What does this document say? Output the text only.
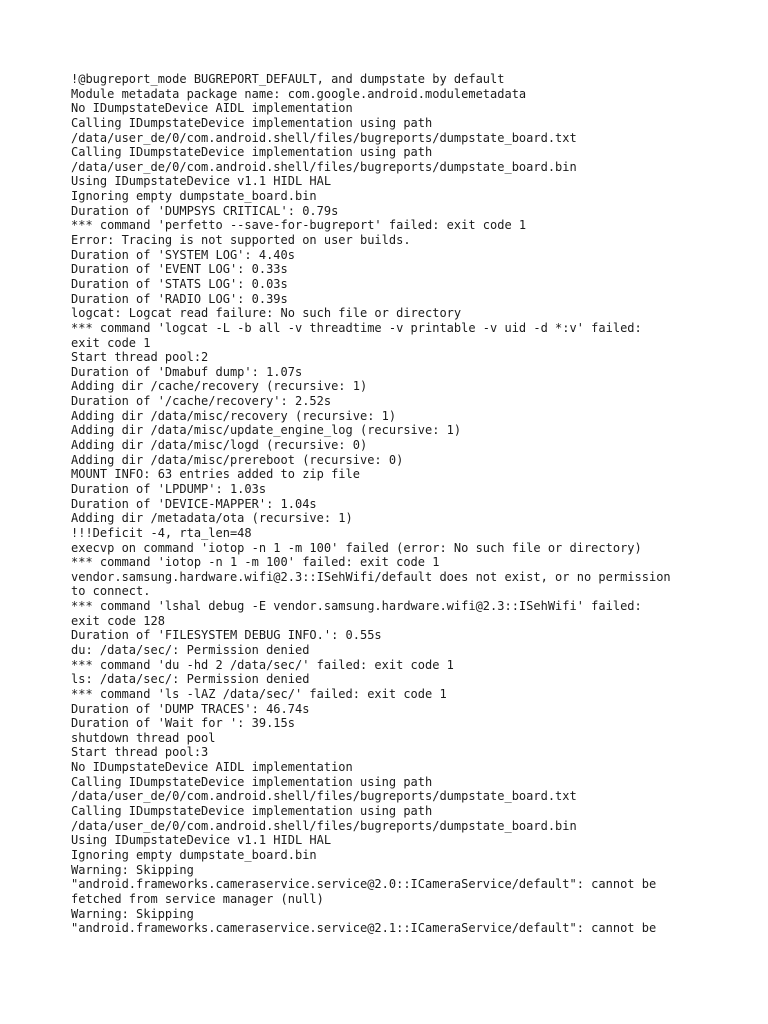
!@bugreport_mode BUGREPORT_DEFAULT, and dumpstate by default
Module metadata package name: com.google.android.modulemetadata
No IDumpstateDevice AIDL implementation
Calling IDumpstateDevice implementation using path
/data/user_de/0/com.android.shell/files/bugreports/dumpstate_board.txt
Calling IDumpstateDevice implementation using path
/data/user_de/0/com.android.shell/files/bugreports/dumpstate_board.bin
Using IDumpstateDevice v1.1 HIDL HAL
Ignoring empty dumpstate_board.bin
Duration of 'DUMPSYS CRITICAL': 0.79s
*** command 'perfetto --save-for-bugreport' failed: exit code 1
Error: Tracing is not supported on user builds.
Duration of 'SYSTEM LOG': 4.40s
Duration of 'EVENT LOG': 0.33s
Duration of 'STATS LOG': 0.03s
Duration of 'RADIO LOG': 0.39s
logcat: Logcat read failure: No such file or directory
*** command 'logcat -L -b all -v threadtime -v printable -v uid -d *:v' failed:
exit code 1
Start thread pool:2
Duration of 'Dmabuf dump': 1.07s
Adding dir /cache/recovery (recursive: 1)
Duration of '/cache/recovery': 2.52s
Adding dir /data/misc/recovery (recursive: 1)
Adding dir /data/misc/update_engine_log (recursive: 1)
Adding dir /data/misc/logd (recursive: 0)
Adding dir /data/misc/prereboot (recursive: 0)
MOUNT INFO: 63 entries added to zip file
Duration of 'LPDUMP': 1.03s
Duration of 'DEVICE-MAPPER': 1.04s
Adding dir /metadata/ota (recursive: 1)
!!!Deficit -4, rta_len=48
execvp on command 'iotop -n 1 -m 100' failed (error: No such file or directory)
*** command 'iotop -n 1 -m 100' failed: exit code 1
vendor.samsung.hardware.wifi@2.3::ISehWifi/default does not exist, or no permission
to connect.
*** command 'lshal debug -E vendor.samsung.hardware.wifi@2.3::ISehWifi' failed:
exit code 128
Duration of 'FILESYSTEM DEBUG INFO.': 0.55s
du: /data/sec/: Permission denied
*** command 'du -hd 2 /data/sec/' failed: exit code 1
ls: /data/sec/: Permission denied
*** command 'ls -lAZ /data/sec/' failed: exit code 1
Duration of 'DUMP TRACES': 46.74s
Duration of 'Wait for ': 39.15s
shutdown thread pool
Start thread pool:3
No IDumpstateDevice AIDL implementation
Calling IDumpstateDevice implementation using path
/data/user_de/0/com.android.shell/files/bugreports/dumpstate_board.txt
Calling IDumpstateDevice implementation using path
/data/user_de/0/com.android.shell/files/bugreports/dumpstate_board.bin
Using IDumpstateDevice v1.1 HIDL HAL
Ignoring empty dumpstate_board.bin
Warning: Skipping
"android.frameworks.cameraservice.service@2.0::ICameraService/default": cannot be
fetched from service manager (null)
Warning: Skipping
"android.frameworks.cameraservice.service@2.1::ICameraService/default": cannot be
